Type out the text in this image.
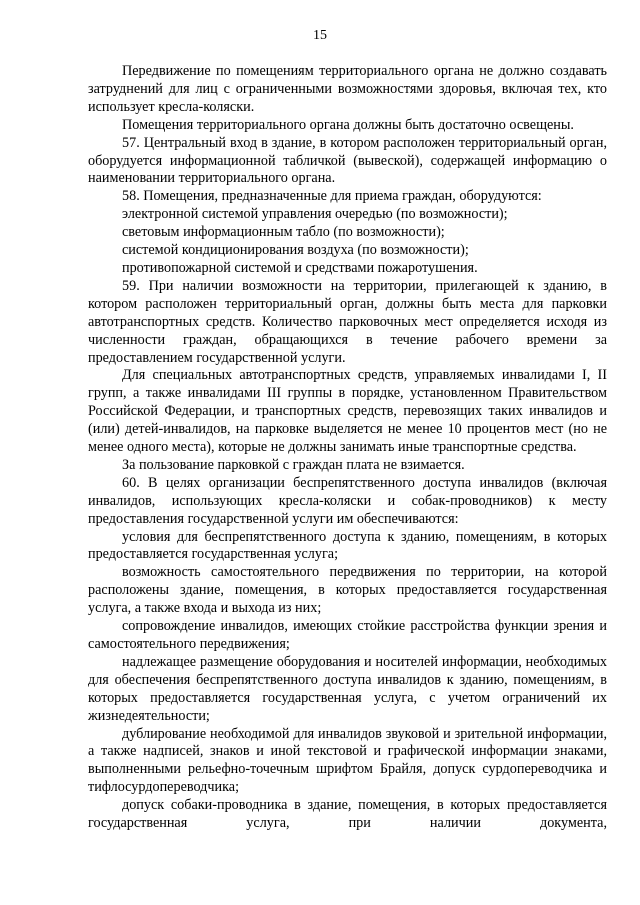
15

Передвижение по помещениям территориального органа не должно создавать затруднений для лиц с ограниченными возможностями здоровья, включая тех, кто использует кресла-коляски.

Помещения территориального органа должны быть достаточно освещены.

57. Центральный вход в здание, в котором расположен территориальный орган, оборудуется информационной табличкой (вывеской), содержащей информацию о наименовании территориального органа.

58. Помещения, предназначенные для приема граждан, оборудуются:

электронной системой управления очередью (по возможности);

световым информационным табло (по возможности);

системой кондиционирования воздуха (по возможности);

противопожарной системой и средствами пожаротушения.

59. При наличии возможности на территории, прилегающей к зданию, в котором расположен территориальный орган, должны быть места для парковки автотранспортных средств. Количество парковочных мест определяется исходя из численности граждан, обращающихся в течение рабочего времени за предоставлением государственной услуги.

Для специальных автотранспортных средств, управляемых инвалидами I, II групп, а также инвалидами III группы в порядке, установленном Правительством Российской Федерации, и транспортных средств, перевозящих таких инвалидов и (или) детей-инвалидов, на парковке выделяется не менее 10 процентов мест (но не менее одного места), которые не должны занимать иные транспортные средства.

За пользование парковкой с граждан плата не взимается.

60. В целях организации беспрепятственного доступа инвалидов (включая инвалидов, использующих кресла-коляски и собак-проводников) к месту предоставления государственной услуги им обеспечиваются:

условия для беспрепятственного доступа к зданию, помещениям, в которых предоставляется государственная услуга;

возможность самостоятельного передвижения по территории, на которой расположены здание, помещения, в которых предоставляется государственная услуга, а также входа и выхода из них;

сопровождение инвалидов, имеющих стойкие расстройства функции зрения и самостоятельного передвижения;

надлежащее размещение оборудования и носителей информации, необходимых для обеспечения беспрепятственного доступа инвалидов к зданию, помещениям, в которых предоставляется государственная услуга, с учетом ограничений их жизнедеятельности;

дублирование необходимой для инвалидов звуковой и зрительной информации, а также надписей, знаков и иной текстовой и графической информации знаками, выполненными рельефно-точечным шрифтом Брайля, допуск сурдопереводчика и тифлосурдопереводчика;

допуск собаки-проводника в здание, помещения, в которых предоставляется государственная услуга, при наличии документа,
